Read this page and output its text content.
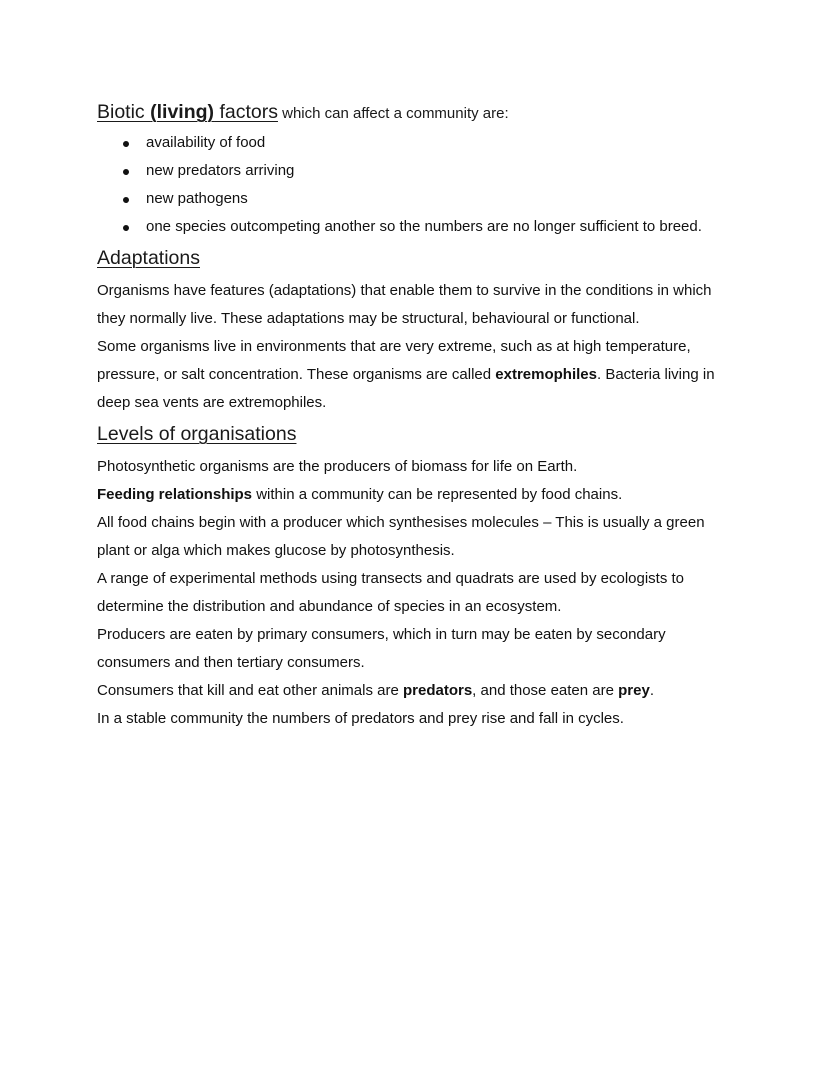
Biotic (living) factors which can affect a community are:
availability of food
new predators arriving
new pathogens
one species outcompeting another so the numbers are no longer sufficient to breed.
Adaptations
Organisms have features (adaptations) that enable them to survive in the conditions in which they normally live. These adaptations may be structural, behavioural or functional.
Some organisms live in environments that are very extreme, such as at high temperature, pressure, or salt concentration. These organisms are called extremophiles. Bacteria living in deep sea vents are extremophiles.
Levels of organisations
Photosynthetic organisms are the producers of biomass for life on Earth.
Feeding relationships within a community can be represented by food chains.
All food chains begin with a producer which synthesises molecules – This is usually a green plant or alga which makes glucose by photosynthesis.
A range of experimental methods using transects and quadrats are used by ecologists to determine the distribution and abundance of species in an ecosystem.
Producers are eaten by primary consumers, which in turn may be eaten by secondary consumers and then tertiary consumers.
Consumers that kill and eat other animals are predators, and those eaten are prey.
In a stable community the numbers of predators and prey rise and fall in cycles.
